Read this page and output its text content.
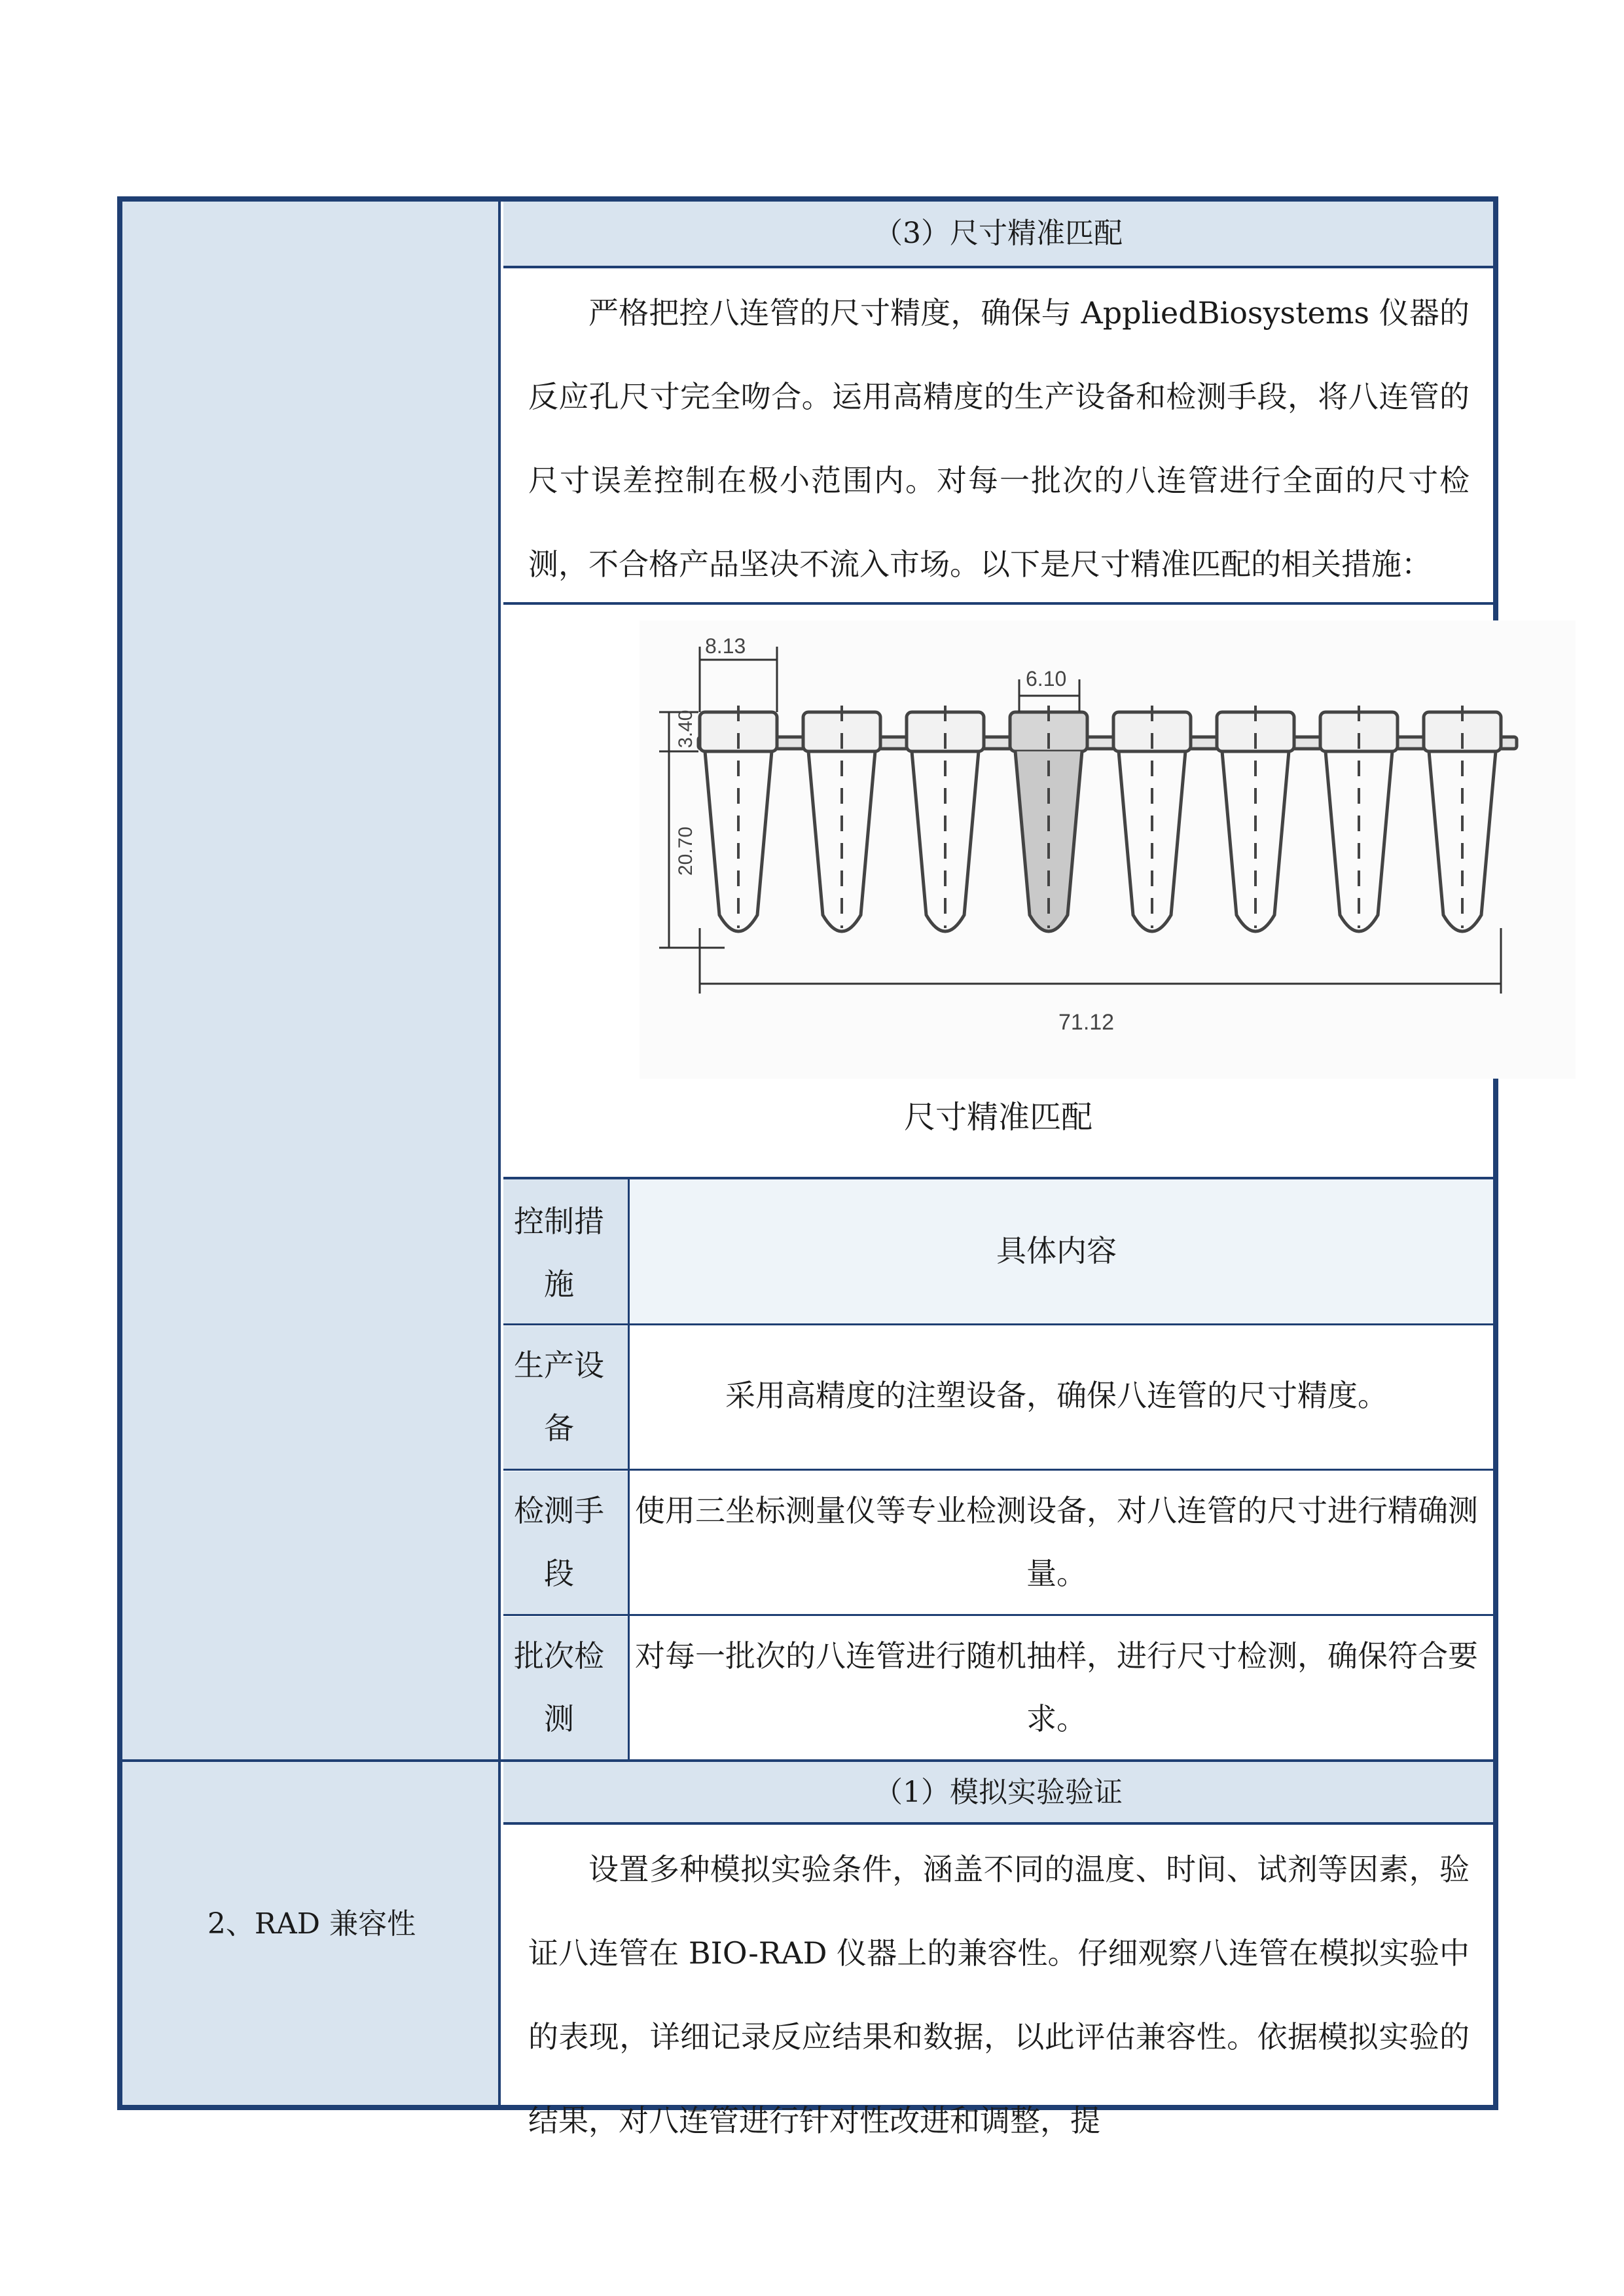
（3）尺寸精准匹配
严格把控八连管的尺寸精度，确保与 AppliedBiosystems 仪器的反应孔尺寸完全吻合。运用高精度的生产设备和检测手段，将八连管的尺寸误差控制在极小范围内。对每一批次的八连管进行全面的尺寸检测，不合格产品坚决不流入市场。以下是尺寸精准匹配的相关措施：
8.13
6.10
3.40
20.70
71.12
尺寸精准匹配
控制措施
具体内容
生产设备
采用高精度的注塑设备，确保八连管的尺寸精度。
检测手段
使用三坐标测量仪等专业检测设备，对八连管的尺寸进行精确测量。
批次检测
对每一批次的八连管进行随机抽样，进行尺寸检测，确保符合要求。
2、RAD 兼容性
（1）模拟实验验证
设置多种模拟实验条件，涵盖不同的温度、时间、试剂等因素，验证八连管在 BIO-RAD 仪器上的兼容性。仔细观察八连管在模拟实验中的表现，详细记录反应结果和数据，以此评估兼容性。依据模拟实验的结果，对八连管进行针对性改进和调整，提
